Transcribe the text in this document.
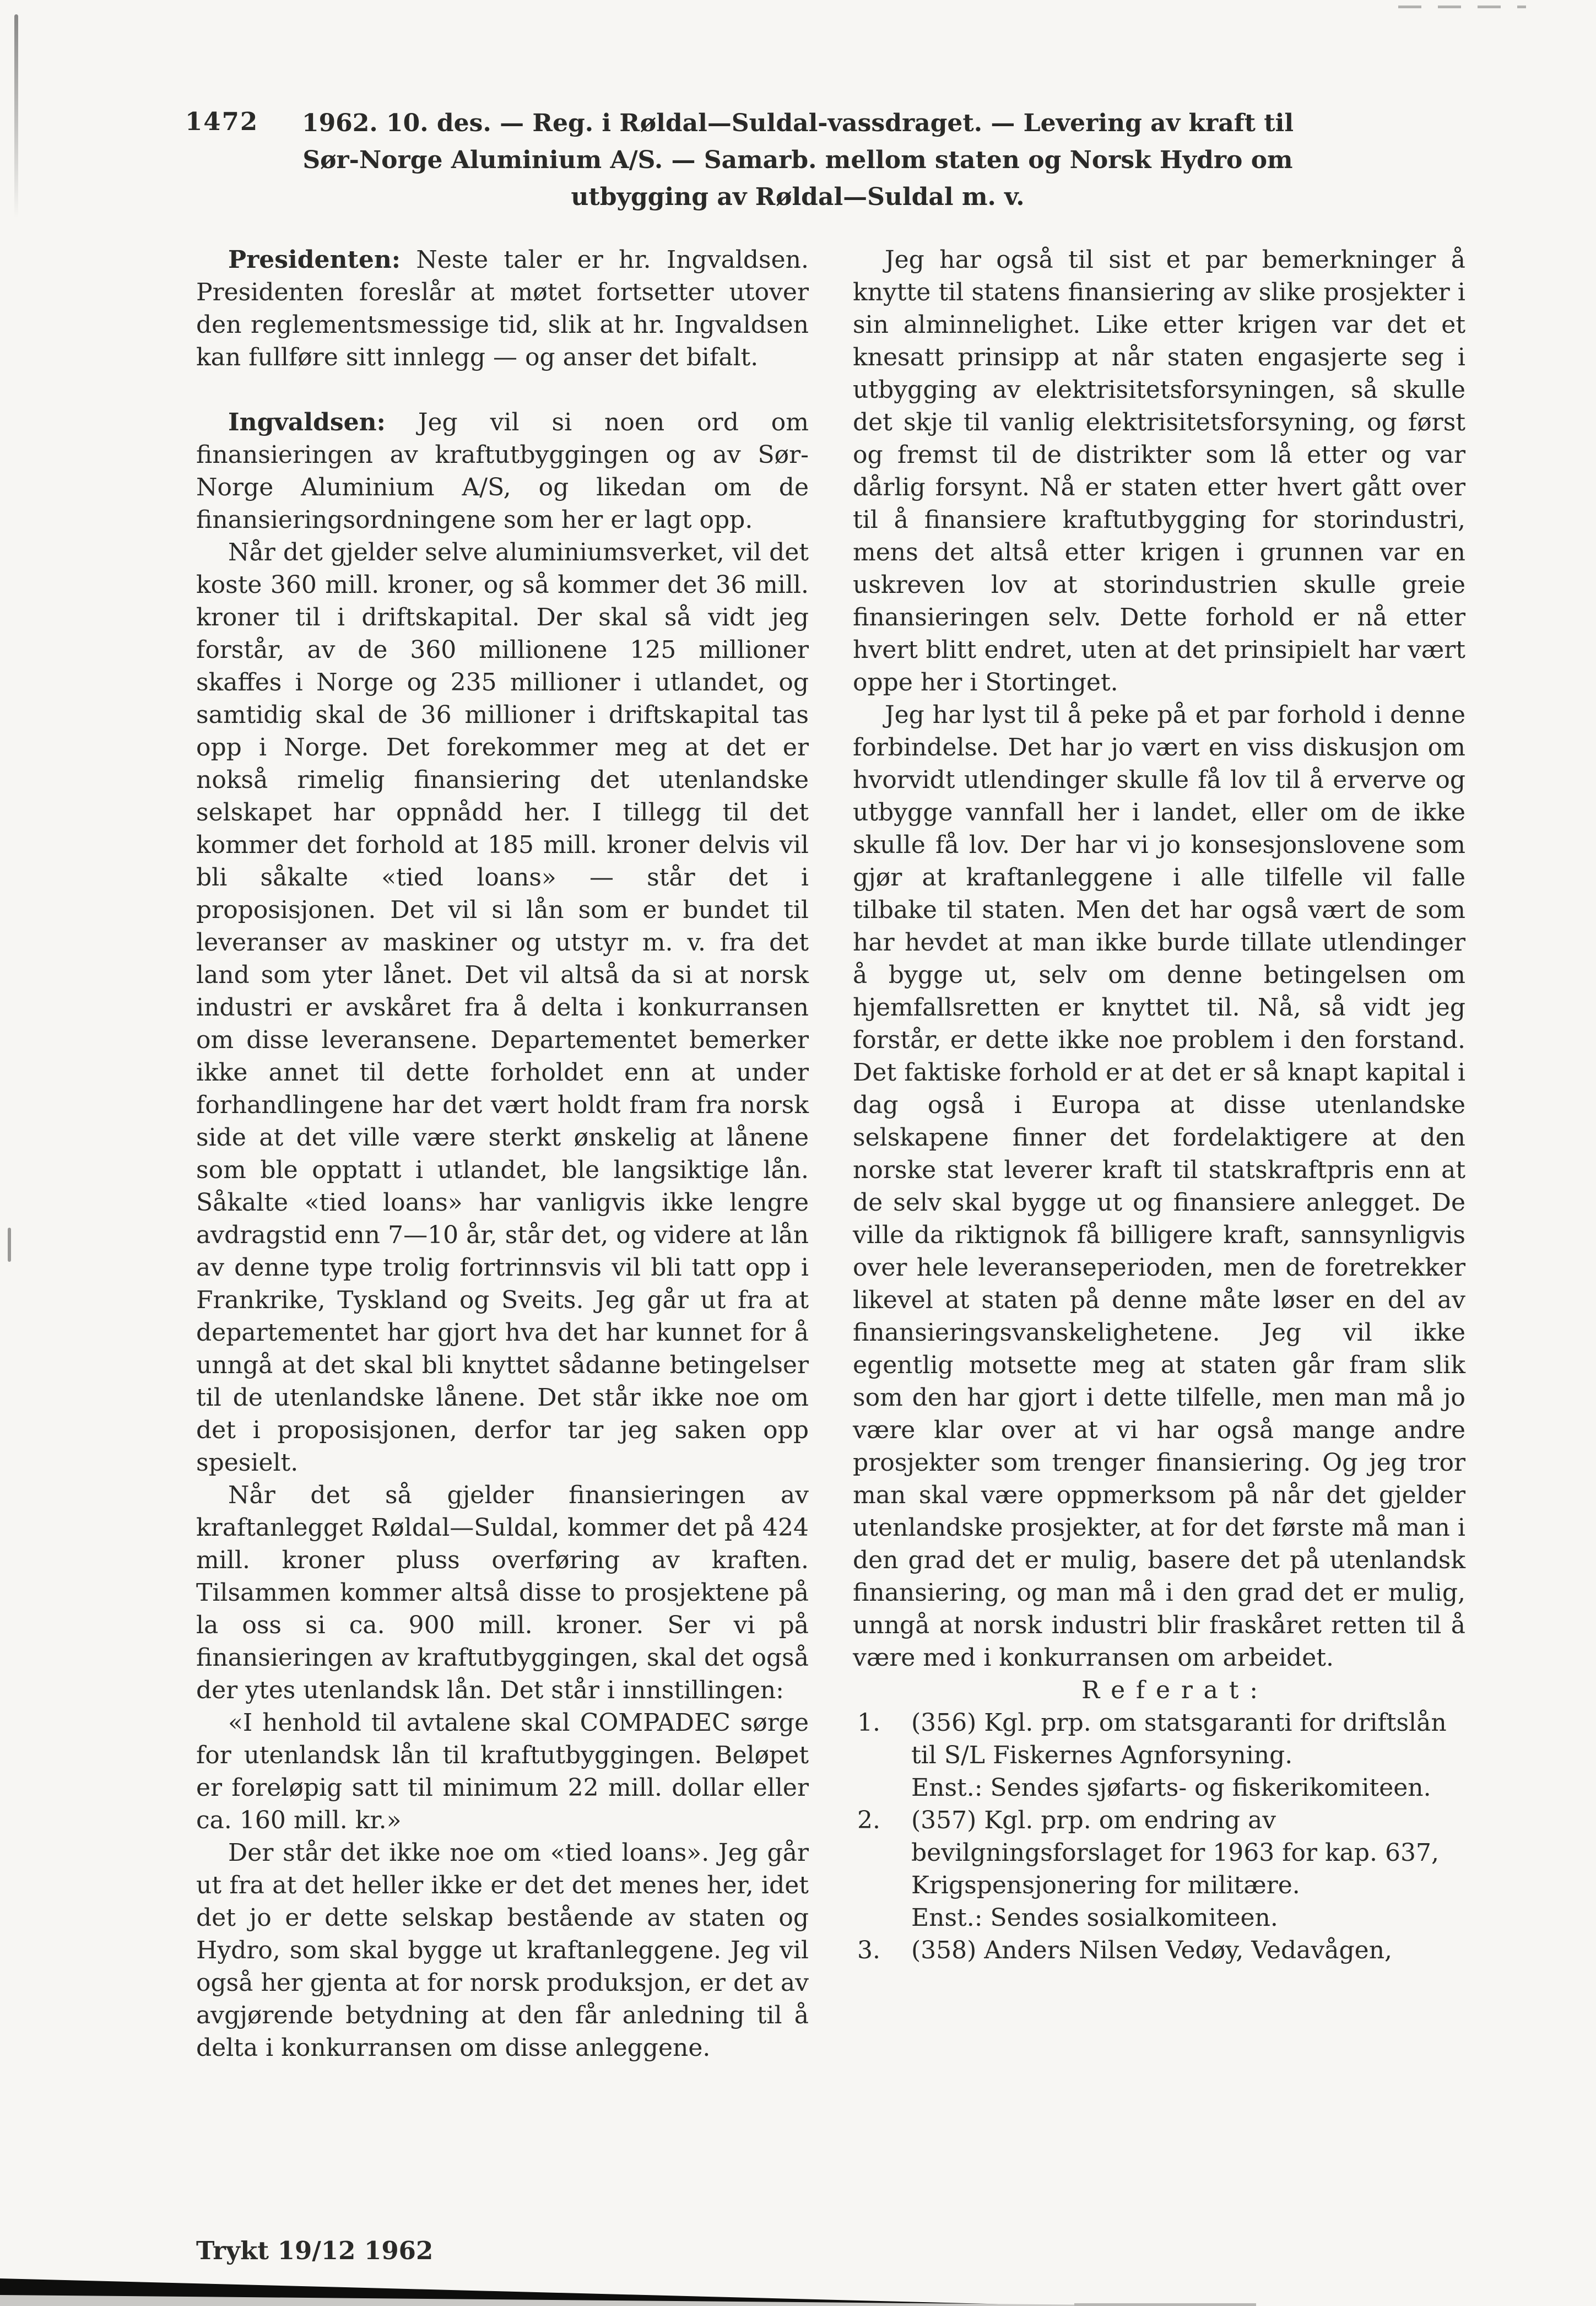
1472	1962. 10. des. — Reg. i Røldal—Suldal-vassdraget. — Levering av kraft til
Sør-Norge Aluminium A/S. — Samarb. mellom staten og Norsk Hydro om
utbygging av Røldal—Suldal m. v.

Presidenten: Neste taler er hr. Ingvaldsen. Presidenten foreslår at møtet fortsetter utover den reglementsmessige tid, slik at hr. Ingvaldsen kan fullføre sitt innlegg — og anser det bifalt.

Ingvaldsen: Jeg vil si noen ord om finansieringen av kraftutbyggingen og av Sør-Norge Aluminium A/S, og likedan om de finansieringsordningene som her er lagt opp.

Når det gjelder selve aluminiumsverket, vil det koste 360 mill. kroner, og så kommer det 36 mill. kroner til i driftskapital. Der skal så vidt jeg forstår, av de 360 millionene 125 millioner skaffes i Norge og 235 millioner i utlandet, og samtidig skal de 36 millioner i driftskapital tas opp i Norge. Det forekommer meg at det er nokså rimelig finansiering det utenlandske selskapet har oppnådd her. I tillegg til det kommer det forhold at 185 mill. kroner delvis vil bli såkalte «tied loans» — står det i proposisjonen. Det vil si lån som er bundet til leveranser av maskiner og utstyr m. v. fra det land som yter lånet. Det vil altså da si at norsk industri er avskåret fra å delta i konkurransen om disse leveransene. Departementet bemerker ikke annet til dette forholdet enn at under forhandlingene har det vært holdt fram fra norsk side at det ville være sterkt ønskelig at lånene som ble opptatt i utlandet, ble langsiktige lån. Såkalte «tied loans» har vanligvis ikke lengre avdragstid enn 7—10 år, står det, og videre at lån av denne type trolig fortrinnsvis vil bli tatt opp i Frankrike, Tyskland og Sveits. Jeg går ut fra at departementet har gjort hva det har kunnet for å unngå at det skal bli knyttet sådanne betingelser til de utenlandske lånene. Det står ikke noe om det i proposisjonen, derfor tar jeg saken opp spesielt.

Når det så gjelder finansieringen av kraftanlegget Røldal—Suldal, kommer det på 424 mill. kroner pluss overføring av kraften. Tilsammen kommer altså disse to prosjektene på la oss si ca. 900 mill. kroner. Ser vi på finansieringen av kraftutbyggingen, skal det også der ytes utenlandsk lån. Det står i innstillingen:

«I henhold til avtalene skal COMPADEC sørge for utenlandsk lån til kraftutbyggingen. Beløpet er foreløpig satt til minimum 22 mill. dollar eller ca. 160 mill. kr.»

Der står det ikke noe om «tied loans». Jeg går ut fra at det heller ikke er det det menes her, idet det jo er dette selskap bestående av staten og Hydro, som skal bygge ut kraftanleggene. Jeg vil også her gjenta at for norsk produksjon, er det av avgjørende betydning at den får anledning til å delta i konkurransen om disse anleggene.

Jeg har også til sist et par bemerkninger å knytte til statens finansiering av slike prosjekter i sin alminnelighet. Like etter krigen var det et knesatt prinsipp at når staten engasjerte seg i utbygging av elektrisitetsforsyningen, så skulle det skje til vanlig elektrisitetsforsyning, og først og fremst til de distrikter som lå etter og var dårlig forsynt. Nå er staten etter hvert gått over til å finansiere kraftutbygging for storindustri, mens det altså etter krigen i grunnen var en uskreven lov at storindustrien skulle greie finansieringen selv. Dette forhold er nå etter hvert blitt endret, uten at det prinsipielt har vært oppe her i Stortinget.

Jeg har lyst til å peke på et par forhold i denne forbindelse. Det har jo vært en viss diskusjon om hvorvidt utlendinger skulle få lov til å erverve og utbygge vannfall her i landet, eller om de ikke skulle få lov. Der har vi jo konsesjonslovene som gjør at kraftanleggene i alle tilfelle vil falle tilbake til staten. Men det har også vært de som har hevdet at man ikke burde tillate utlendinger å bygge ut, selv om denne betingelsen om hjemfallsretten er knyttet til. Nå, så vidt jeg forstår, er dette ikke noe problem i den forstand. Det faktiske forhold er at det er så knapt kapital i dag også i Europa at disse utenlandske selskapene finner det fordelaktigere at den norske stat leverer kraft til statskraftpris enn at de selv skal bygge ut og finansiere anlegget. De ville da riktignok få billigere kraft, sannsynligvis over hele leveranseperioden, men de foretrekker likevel at staten på denne måte løser en del av finansieringsvanskelighetene. Jeg vil ikke egentlig motsette meg at staten går fram slik som den har gjort i dette tilfelle, men man må jo være klar over at vi har også mange andre prosjekter som trenger finansiering. Og jeg tror man skal være oppmerksom på når det gjelder utenlandske prosjekter, at for det første må man i den grad det er mulig, basere det på utenlandsk finansiering, og man må i den grad det er mulig, unngå at norsk industri blir fraskåret retten til å være med i konkurransen om arbeidet.

Referat:

1. (356) Kgl. prp. om statsgaranti for driftslån til S/L Fiskernes Agnforsyning.
Enst.: Sendes sjøfarts- og fiskerikomiteen.
2. (357) Kgl. prp. om endring av bevilgningsforslaget for 1963 for kap. 637, Krigspensjonering for militære.
Enst.: Sendes sosialkomiteen.
3. (358) Anders Nilsen Vedøy, Vedavågen,
Trykt 19/12 1962
